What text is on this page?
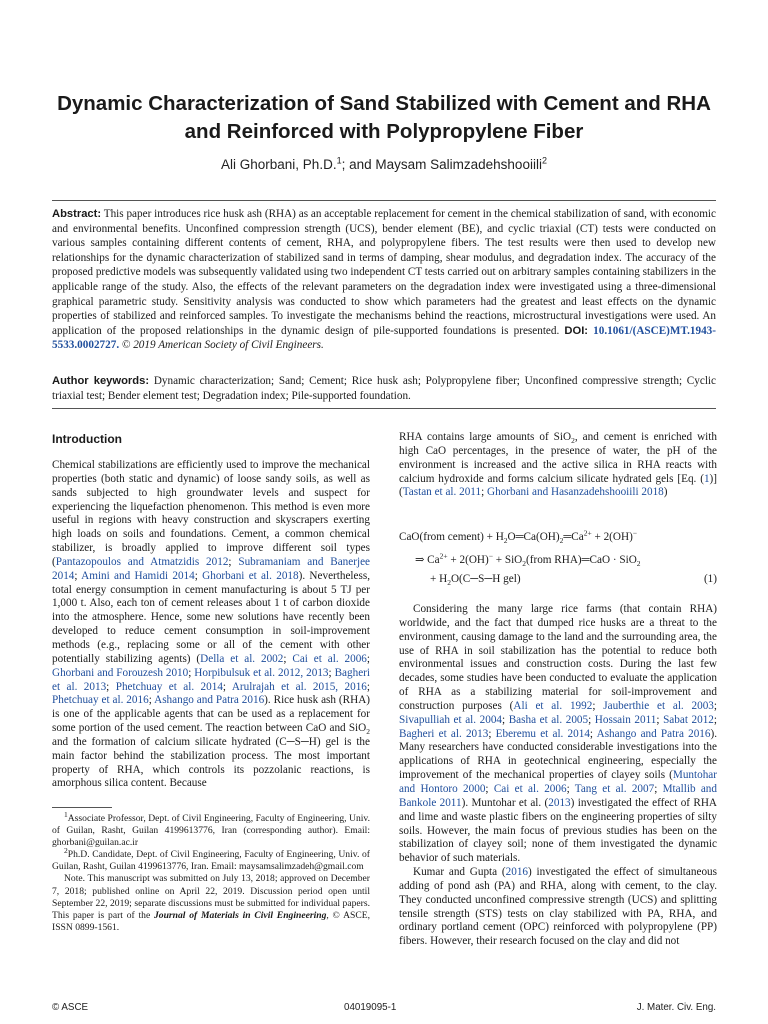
Dynamic Characterization of Sand Stabilized with Cement and RHA and Reinforced with Polypropylene Fiber
Ali Ghorbani, Ph.D.$^1$; and Maysam Salimzadehshooiili$^2$
Abstract: This paper introduces rice husk ash (RHA) as an acceptable replacement for cement in the chemical stabilization of sand, with economic and environmental benefits. Unconfined compression strength (UCS), bender element (BE), and cyclic triaxial (CT) tests were conducted on various samples containing different contents of cement, RHA, and polypropylene fibers. The test results were then used to develop new relationships for the dynamic characterization of stabilized sand in terms of damping, shear modulus, and degradation index. The accuracy of the proposed predictive models was subsequently validated using two independent CT tests carried out on arbitrary samples containing stabilizers in the applicable range of the study. Also, the effects of the relevant parameters on the degradation index were investigated using a three-dimensional graphical parametric study. Sensitivity analysis was conducted to show which parameters had the greatest and least effects on the dynamic properties of stabilized and reinforced samples. To investigate the mechanisms behind the reactions, microstructural investigations were used. An application of the proposed relationships in the dynamic design of pile-supported foundations is presented. DOI: 10.1061/(ASCE)MT.1943-5533.0002727. © 2019 American Society of Civil Engineers.
Author keywords: Dynamic characterization; Sand; Cement; Rice husk ash; Polypropylene fiber; Unconfined compressive strength; Cyclic triaxial test; Bender element test; Degradation index; Pile-supported foundation.
Introduction

Chemical stabilizations are efficiently used to improve the mechanical properties (both static and dynamic) of loose sandy soils, as well as sands subjected to high groundwater levels and suspect for experiencing the liquefaction phenomenon. This method is even more useful in regions with heavy construction and skyscrapers exerting high loads on soils and foundations. Cement, a common chemical stabilizer, is broadly applied to improve different soil types (Pantazopoulos and Atmatzidis 2012; Subramaniam and Banerjee 2014; Amini and Hamidi 2014; Ghorbani et al. 2018). Nevertheless, total energy consumption in cement manufacturing is about 5 TJ per 1,000 t. Also, each ton of cement releases about 1 t of carbon dioxide into the atmosphere. Hence, some new solutions have recently been developed to reduce cement consumption in soil-improvement methods (e.g., replacing some or all of the cement with other potentially stabilizing agents) (Della et al. 2002; Cai et al. 2006; Ghorbani and Forouzesh 2010; Horpibulsuk et al. 2012, 2013; Bagheri et al. 2013; Phetchuay et al. 2014; Arulrajah et al. 2015, 2016; Phetchuay et al. 2016; Ashango and Patra 2016). Rice husk ash (RHA) is one of the applicable agents that can be used as a replacement for some portion of the used cement. The reaction between CaO and SiO$_2$ and the formation of calcium silicate hydrated (C─S─H) gel is the main factor behind the stabilization process. The most important property of RHA, which controls its pozzolanic reactions, is amorphous silica content. Because

$^1$Associate Professor, Dept. of Civil Engineering, Faculty of Engineering, Univ. of Guilan, Rasht, Guilan 4199613776, Iran (corresponding author). Email: ghorbani@guilan.ac.ir

$^2$Ph.D. Candidate, Dept. of Civil Engineering, Faculty of Engineering, Univ. of Guilan, Rasht, Guilan 4199613776, Iran. Email: maysamsalimzadeh@gmail.com

Note. This manuscript was submitted on July 13, 2018; approved on December 7, 2018; published online on April 22, 2019. Discussion period open until September 22, 2019; separate discussions must be submitted for individual papers. This paper is part of the Journal of Materials in Civil Engineering, © ASCE, ISSN 0899-1561.

RHA contains large amounts of SiO$_2$, and cement is enriched with high CaO percentages, in the presence of water, the pH of the environment is increased and the active silica in RHA reacts with calcium hydroxide and forms calcium silicate hydrated gels [Eq. (1)] (Tastan et al. 2011; Ghorbani and Hasanzadehshooiili 2018)

CaO(from cement) + $H_2O═Ca(OH)_2═Ca^{2+} + 2(OH)^-$
⇒ $Ca^{2+} + 2(OH)^-$ + SiO$_2$(from RHA)═CaO · SiO$_2$
+ $H_2O(C─S─H$ gel)	(1)

Considering the many large rice farms (that contain RHA) worldwide, and the fact that dumped rice husks are a threat to the environment, causing damage to the land and the surrounding area, the use of RHA in soil stabilization has the potential to reduce both environmental issues and construction costs. During the last few decades, some studies have been conducted to evaluate the application of RHA as a stabilizing material for soil-improvement and construction purposes (Ali et al. 1992; Jauberthie et al. 2003; Sivapulliah et al. 2004; Basha et al. 2005; Hossain 2011; Sabat 2012; Bagheri et al. 2013; Eberemu et al. 2014; Ashango and Patra 2016). Many researchers have conducted considerable investigations into the applications of RHA in geotechnical engineering, especially the improvement of the mechanical properties of clayey soils (Muntohar and Hontoro 2000; Cai et al. 2006; Tang et al. 2007; Mtallib and Bankole 2011). Muntohar et al. (2013) investigated the effect of RHA and lime and waste plastic fibers on the engineering properties of silty soils. However, the main focus of previous studies has been on the stabilization of clayey soil; none of them investigated the dynamic behavior of such materials.

Kumar and Gupta (2016) investigated the effect of simultaneous adding of pond ash (PA) and RHA, along with cement, to the clay. They conducted unconfined compressive strength (UCS) and splitting tensile strength (STS) tests on clay stabilized with PA, RHA, and ordinary portland cement (OPC) reinforced with polypropylene (PP) fibers. However, their research focused on the clay and did not

© ASCE	04019095-1	J. Mater. Civ. Eng.
